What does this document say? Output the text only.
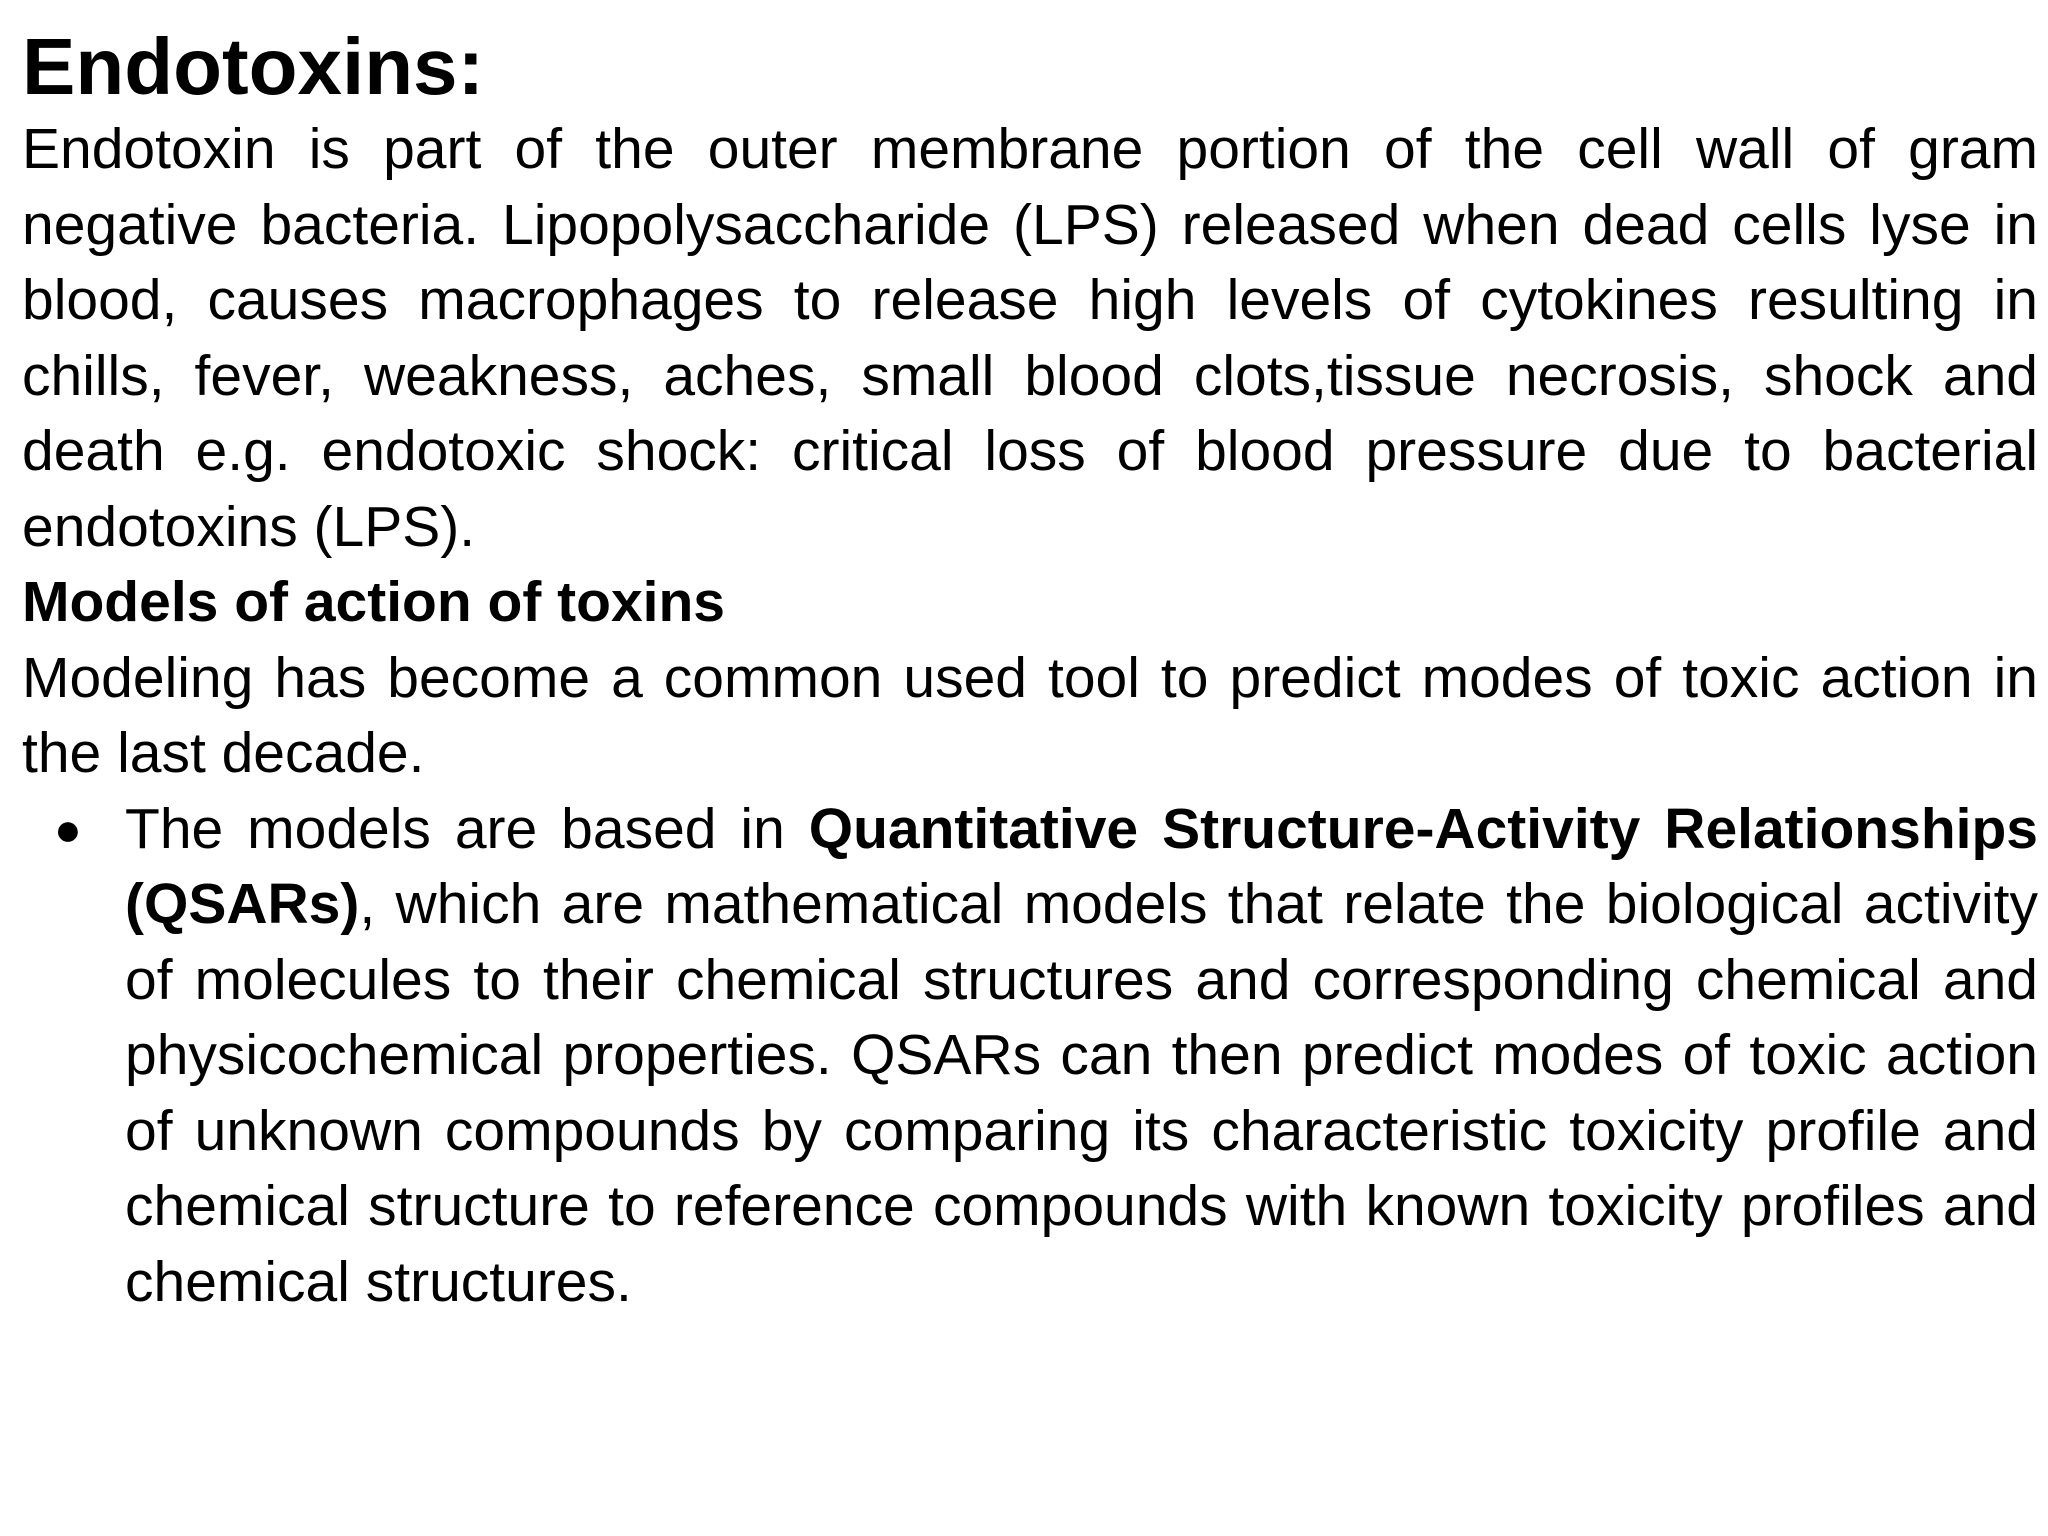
Endotoxins:

Endotoxin is part of the outer membrane portion of the cell wall of gram negative bacteria. Lipopolysaccharide (LPS) released when dead cells lyse in blood, causes macrophages to release high levels of cytokines resulting in chills, fever, weakness, aches, small blood clots,tissue necrosis, shock and death e.g. endotoxic shock: critical loss of blood pressure due to bacterial endotoxins (LPS).

Models of action of toxins

Modeling has become a common used tool to predict modes of toxic action in the last decade.

● The models are based in Quantitative Structure-Activity Relationships (QSARs), which are mathematical models that relate the biological activity of molecules to their chemical structures and corresponding chemical and physicochemical properties. QSARs can then predict modes of toxic action of unknown compounds by comparing its characteristic toxicity profile and chemical structure to reference compounds with known toxicity profiles and chemical structures.
